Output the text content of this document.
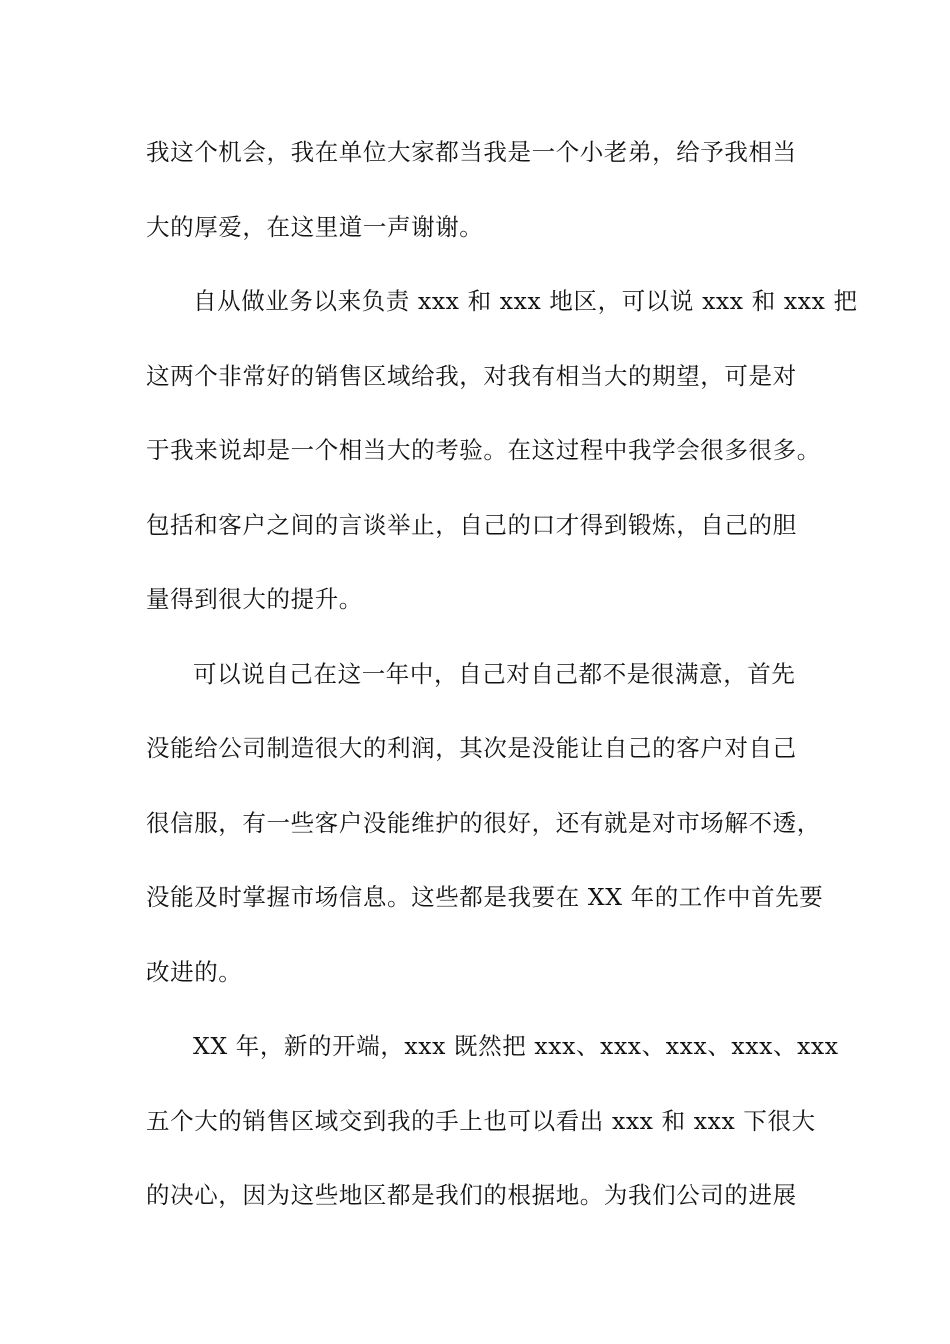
我这个机会，我在单位大家都当我是一个小老弟，给予我相当
大的厚爱，在这里道一声谢谢。
自从做业务以来负责 xxx 和 xxx 地区，可以说 xxx 和 xxx 把
这两个非常好的销售区域给我，对我有相当大的期望，可是对
于我来说却是一个相当大的考验。在这过程中我学会很多很多。
包括和客户之间的言谈举止，自己的口才得到锻炼，自己的胆
量得到很大的提升。
可以说自己在这一年中，自己对自己都不是很满意，首先
没能给公司制造很大的利润，其次是没能让自己的客户对自己
很信服，有一些客户没能维护的很好，还有就是对市场解不透，
没能及时掌握市场信息。这些都是我要在 XX 年的工作中首先要
改进的。
XX 年，新的开端，xxx 既然把 xxx、xxx、xxx、xxx、xxx
五个大的销售区域交到我的手上也可以看出 xxx 和 xxx 下很大
的决心，因为这些地区都是我们的根据地。为我们公司的进展
